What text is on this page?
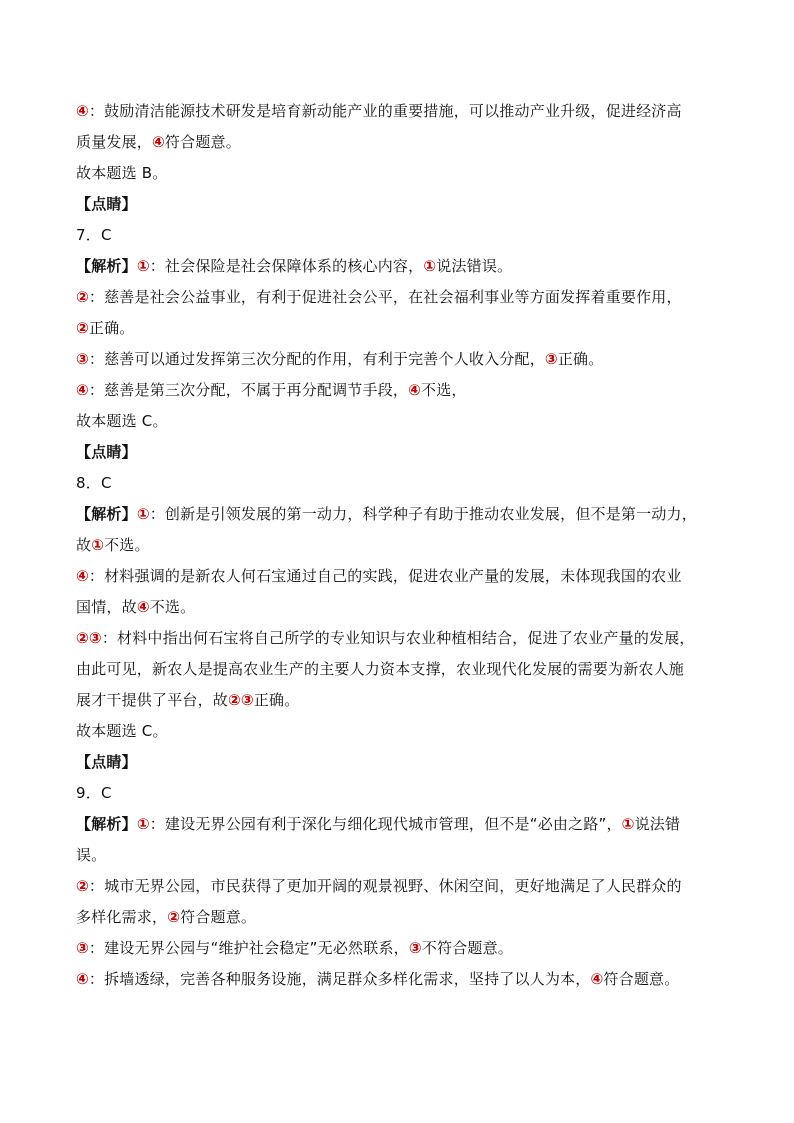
④：鼓励清洁能源技术研发是培育新动能产业的重要措施，可以推动产业升级，促进经济高
质量发展，④符合题意。
故本题选 B。
【点睛】
7．C
【解析】①：社会保险是社会保障体系的核心内容，①说法错误。
②：慈善是社会公益事业，有利于促进社会公平，在社会福利事业等方面发挥着重要作用，
②正确。
③：慈善可以通过发挥第三次分配的作用，有利于完善个人收入分配，③正确。
④：慈善是第三次分配，不属于再分配调节手段，④不选，
故本题选 C。
【点睛】
8．C
【解析】①：创新是引领发展的第一动力，科学种子有助于推动农业发展，但不是第一动力，
故①不选。
④：材料强调的是新农人何石宝通过自己的实践，促进农业产量的发展，未体现我国的农业
国情，故④不选。
②③：材料中指出何石宝将自己所学的专业知识与农业种植相结合，促进了农业产量的发展，
由此可见，新农人是提高农业生产的主要人力资本支撑，农业现代化发展的需要为新农人施
展才干提供了平台，故②③正确。
故本题选 C。
【点睛】
9．C
【解析】①：建设无界公园有利于深化与细化现代城市管理，但不是“必由之路”，①说法错
误。
②：城市无界公园，市民获得了更加开阔的观景视野、休闲空间，更好地满足了人民群众的
多样化需求，②符合题意。
③：建设无界公园与“维护社会稳定”无必然联系，③不符合题意。
④：拆墙透绿，完善各种服务设施，满足群众多样化需求，坚持了以人为本，④符合题意。
